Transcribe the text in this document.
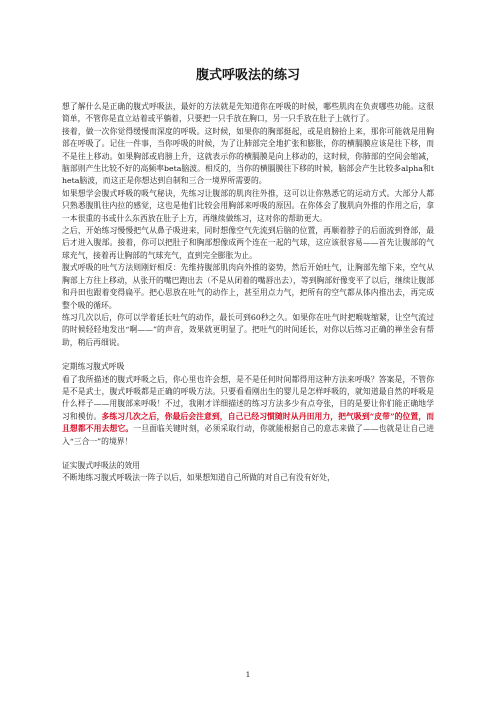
腹式呼吸法的练习

想了解什么是正确的腹式呼吸法，最好的方法就是先知道你在呼吸的时候，哪些肌肉在负责哪些功能。这很简单，不管你是直立站着或平躺着，只要把一只手放在胸口，另一只手放在肚子上就行了。

接着，做一次你觉得缓慢而深度的呼吸。这时候，如果你的胸部挺起，或是肩膀抬上来，那你可能就是用胸部在呼吸了。记住一件事，当你呼吸的时候，为了让肺部完全地扩张和膨胀，你的横膈膜应该是往下移，而不是往上移动。如果胸部或肩膀上升，这就表示你的横膈膜是向上移动的，这时候，你肺部的空间会缩减，脑部则产生比较不好的高频率beta脑波。相反的，当你的横膈膜往下移的时候，脑部会产生比较多alpha和theta脑波，而这正是你想达到自制和三合一境界所需要的。

如果想学会腹式呼吸的吸气秘诀，先练习让腹部的肌肉往外推，这可以让你熟悉它的运动方式。大部分人都只熟悉腹肌往内拉的感觉，这也是他们比较会用胸部来呼吸的原因。在你体会了腹肌向外推的作用之后，拿一本很重的书或什么东西放在肚子上方，再继续做练习，这对你的帮助更大。

之后，开始练习慢慢把气从鼻子吸进来，同时想像空气先流到后脑的位置，再顺着脖子的后面流到脊部，最后才进入腹部。接着，你可以把肚子和胸部想像成两个连在一起的气球，这应该很容易——首先让腹部的气球充气，接着再让胸部的气球充气，直到完全膨胀为止。

腹式呼吸的吐气方法则刚好相反：先维持腹部肌肉向外推的姿势，然后开始吐气，让胸部先缩下来，空气从胸部上方往上移动，从张开的嘴巴跑出去（不是从闭着的嘴唇出去），等到胸部好像变平了以后，继续让腹部和丹田也跟着变得扁平。把心思放在吐气的动作上，甚至用点力气，把所有的空气都从体内推出去，再完成整个吸的循环。

练习几次以后，你可以学着延长吐气的动作，最长可到60秒之久。如果你在吐气时把喉咙缩紧，让空气流过的时候轻轻地发出“啊——”的声音，效果就更明显了。把吐气的时间延长，对你以后练习正确的禅坐会有帮助，稍后再细说。

定期练习腹式呼吸

看了我所描述的腹式呼吸之后，你心里也许会想，是不是任何时间都得用这种方法来呼吸？答案是，不管你是不是武士，腹式呼吸都是正确的呼吸方法。只要看看刚出生的婴儿是怎样呼吸的，就知道最自然的呼吸是什么样子——用腹部来呼吸！不过，我刚才详细描述的练习方法多少有点夸张，目的是要让你们能正确地学习和模仿。多练习几次之后，你最后会注意到，自己已经习惯随时从丹田用力，把气吸到“皮带”的位置，而且想都不用去想它。一旦面临关键时刻，必须采取行动，你就能根据自己的意志来做了——也就是让自己进入“三合一”的境界！

证实腹式呼吸法的效用

不断地练习腹式呼吸法一阵子以后，如果想知道自己所做的对自己有没有好处，

1
